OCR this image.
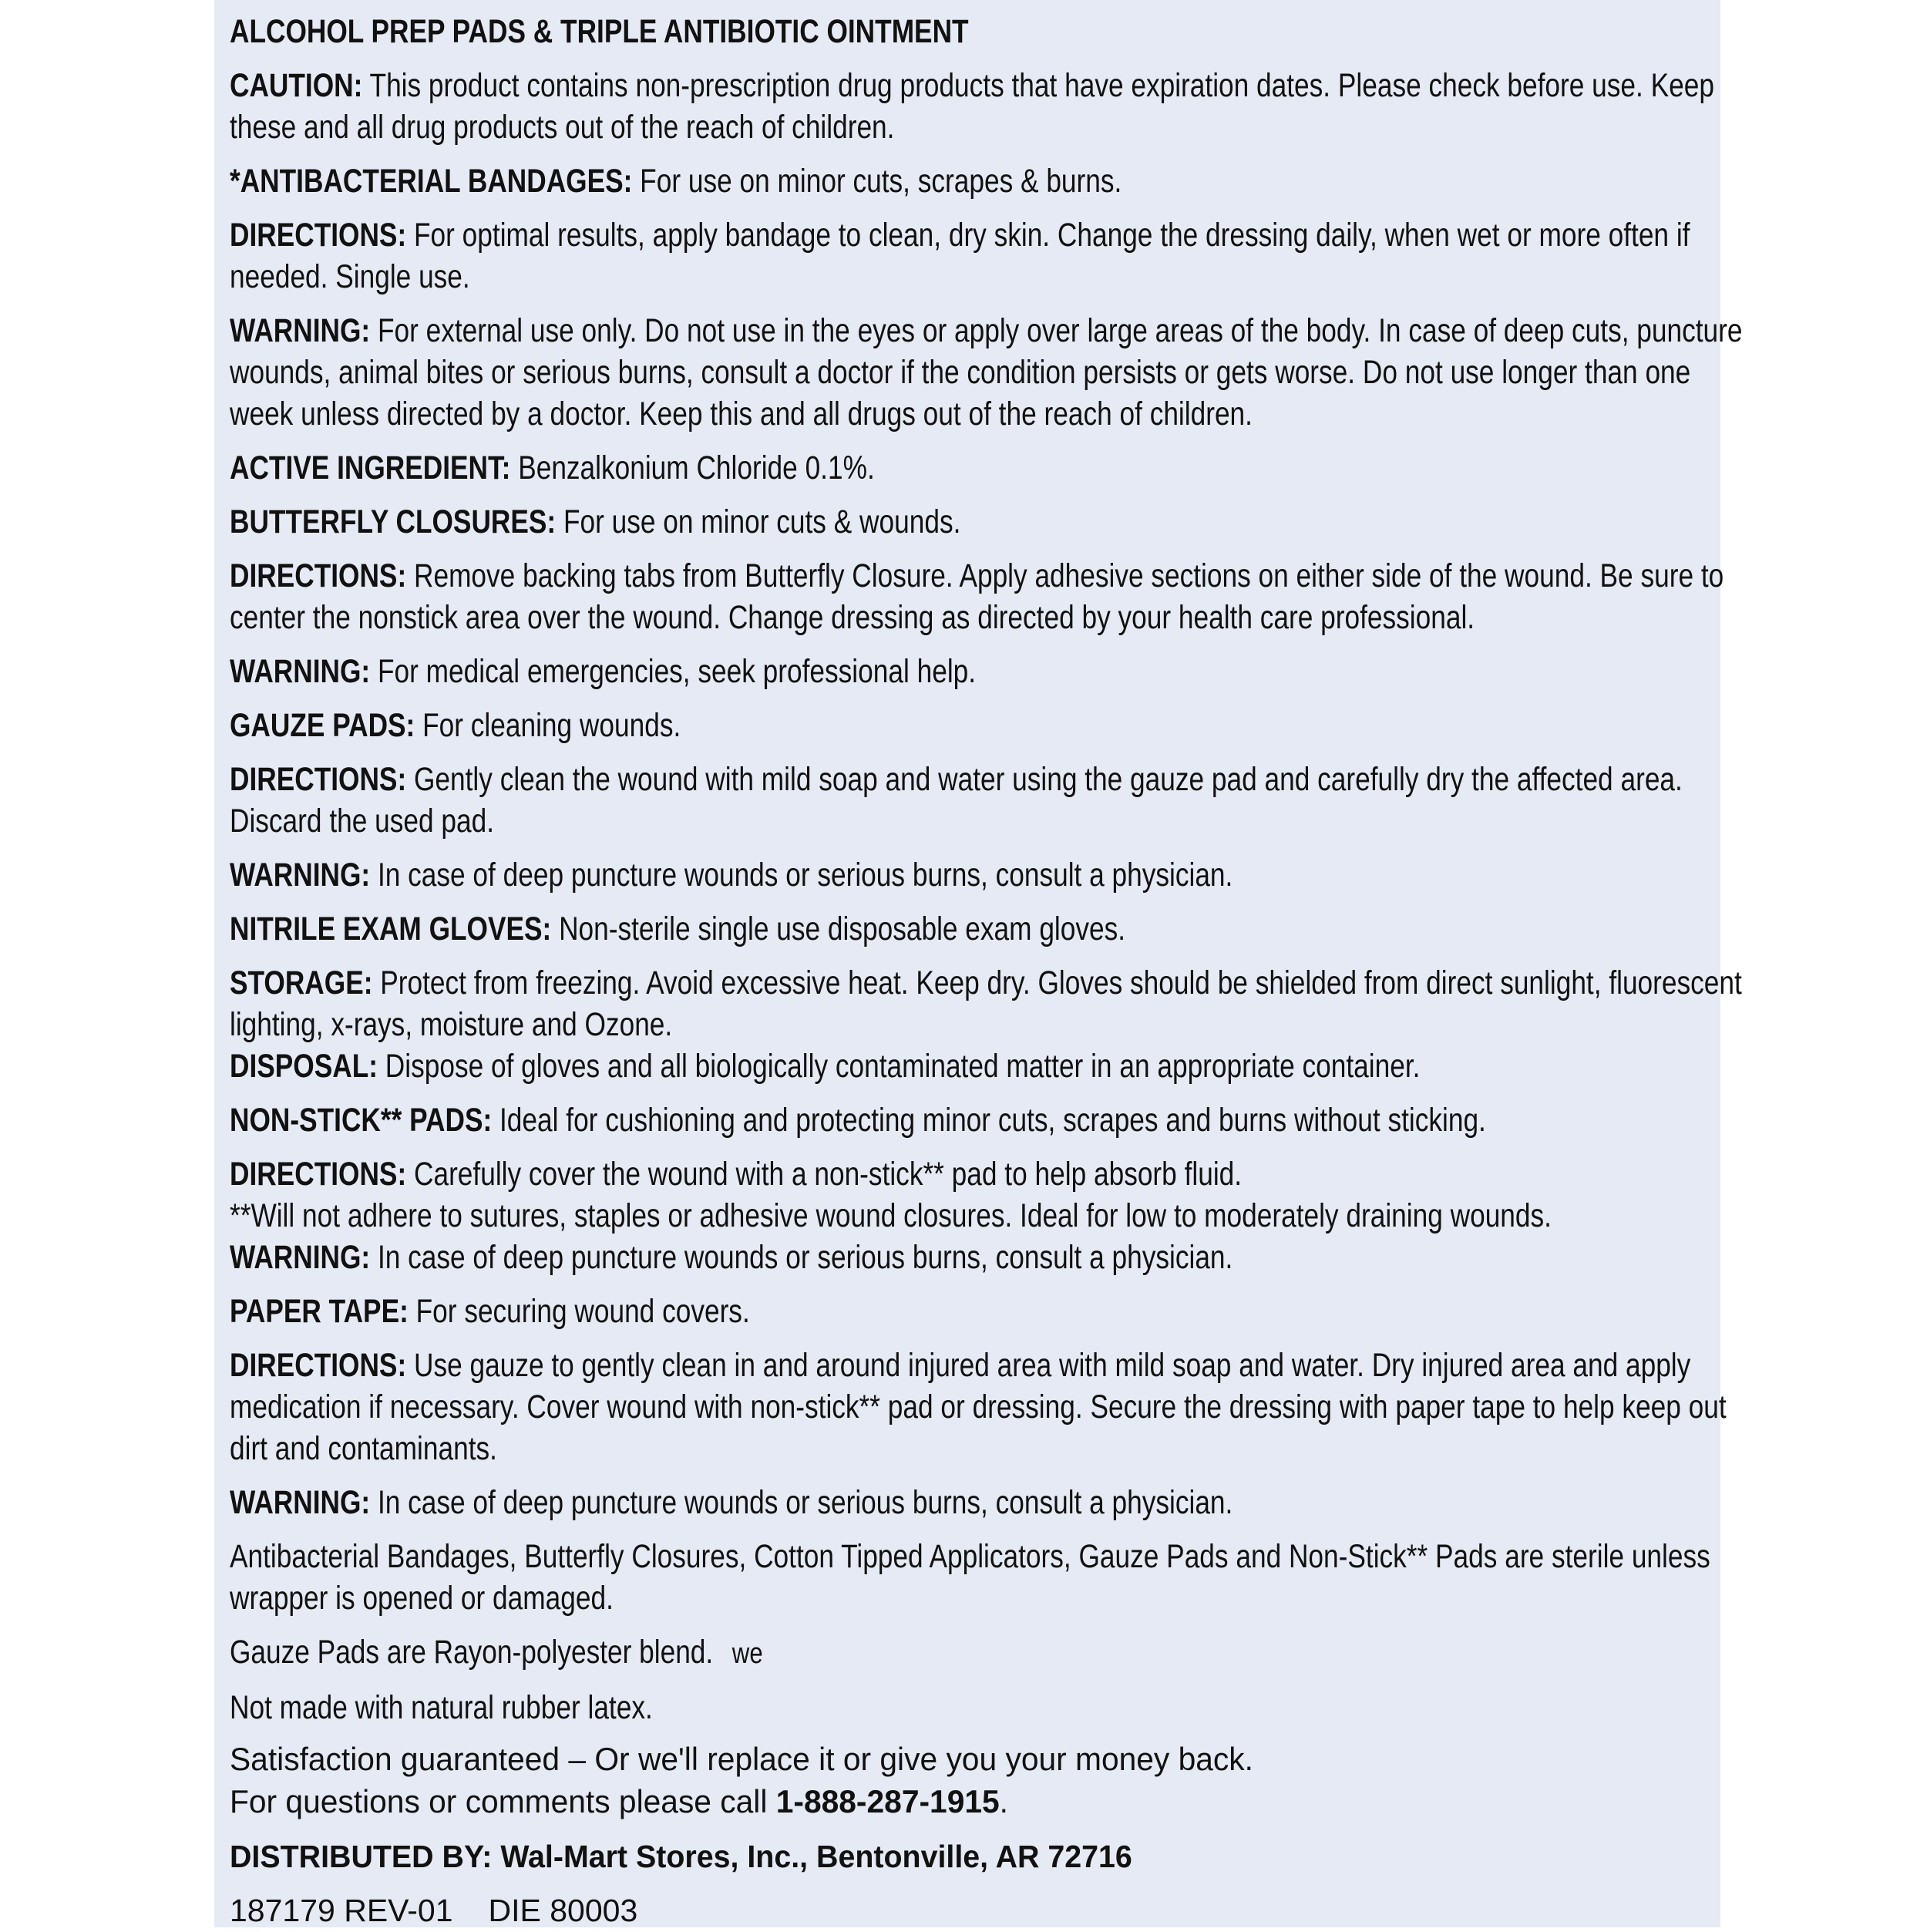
ALCOHOL PREP PADS & TRIPLE ANTIBIOTIC OINTMENT

CAUTION: This product contains non-prescription drug products that have expiration dates. Please check before use. Keep

these and all drug products out of the reach of children.

*ANTIBACTERIAL BANDAGES: For use on minor cuts, scrapes & burns.

DIRECTIONS: For optimal results, apply bandage to clean, dry skin. Change the dressing daily, when wet or more often if

needed. Single use.

WARNING: For external use only. Do not use in the eyes or apply over large areas of the body. In case of deep cuts, puncture

wounds, animal bites or serious burns, consult a doctor if the condition persists or gets worse. Do not use longer than one

week unless directed by a doctor. Keep this and all drugs out of the reach of children.

ACTIVE INGREDIENT: Benzalkonium Chloride 0.1%.

BUTTERFLY CLOSURES: For use on minor cuts & wounds.

DIRECTIONS: Remove backing tabs from Butterfly Closure. Apply adhesive sections on either side of the wound. Be sure to

center the nonstick area over the wound. Change dressing as directed by your health care professional.

WARNING: For medical emergencies, seek professional help.

GAUZE PADS: For cleaning wounds.

DIRECTIONS: Gently clean the wound with mild soap and water using the gauze pad and carefully dry the affected area.

Discard the used pad.

WARNING: In case of deep puncture wounds or serious burns, consult a physician.

NITRILE EXAM GLOVES: Non-sterile single use disposable exam gloves.

STORAGE: Protect from freezing. Avoid excessive heat. Keep dry. Gloves should be shielded from direct sunlight, fluorescent

lighting, x-rays, moisture and Ozone.

DISPOSAL: Dispose of gloves and all biologically contaminated matter in an appropriate container.

NON-STICK** PADS: Ideal for cushioning and protecting minor cuts, scrapes and burns without sticking.

DIRECTIONS: Carefully cover the wound with a non-stick** pad to help absorb fluid.

**Will not adhere to sutures, staples or adhesive wound closures. Ideal for low to moderately draining wounds.

WARNING: In case of deep puncture wounds or serious burns, consult a physician.

PAPER TAPE: For securing wound covers.

DIRECTIONS: Use gauze to gently clean in and around injured area with mild soap and water. Dry injured area and apply

medication if necessary. Cover wound with non-stick** pad or dressing. Secure the dressing with paper tape to help keep out

dirt and contaminants.

WARNING: In case of deep puncture wounds or serious burns, consult a physician.

Antibacterial Bandages, Butterfly Closures, Cotton Tipped Applicators, Gauze Pads and Non-Stick** Pads are sterile unless

wrapper is opened or damaged.

Gauze Pads are Rayon-polyester blend. we

Not made with natural rubber latex.

Satisfaction guaranteed – Or we'll replace it or give you your money back.

For questions or comments please call 1-888-287-1915.

DISTRIBUTED BY: Wal-Mart Stores, Inc., Bentonville, AR 72716
187179 REV-01 DIE 80003
